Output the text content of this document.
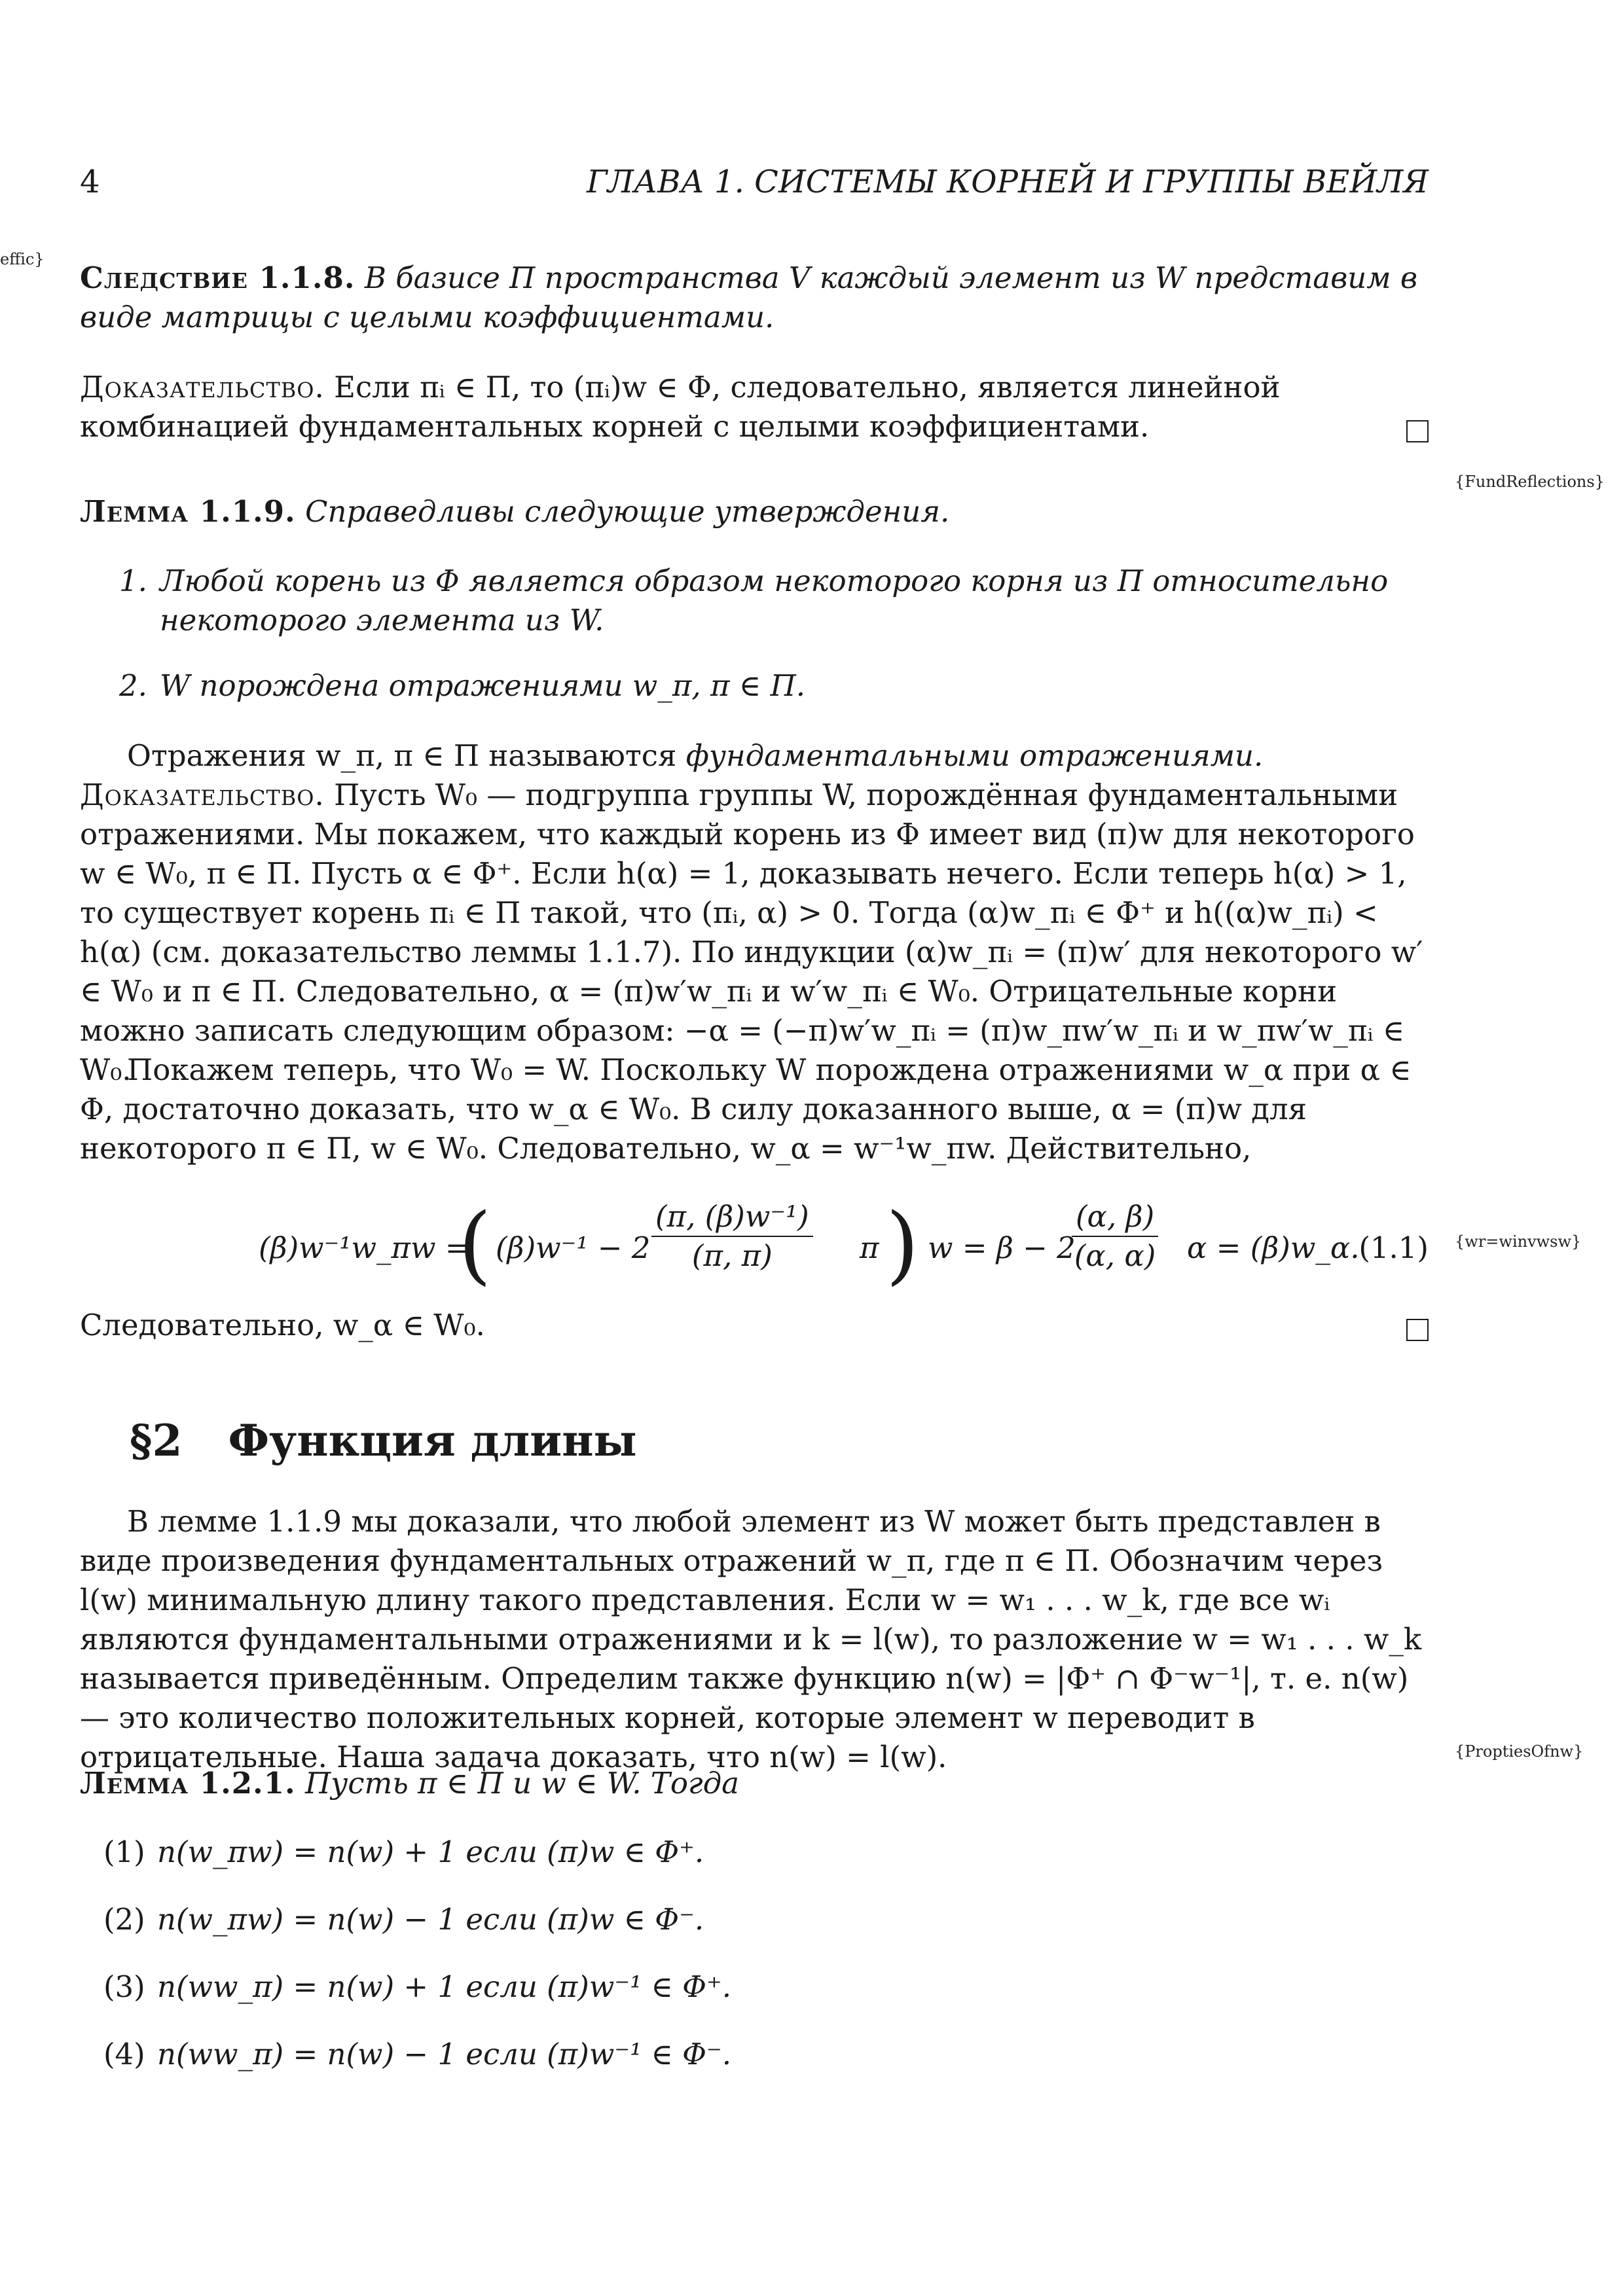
4	ГЛАВА 1. СИСТЕМЫ КОРНЕЙ И ГРУППЫ ВЕЙЛЯ
effic}
Следствие 1.1.8. В базисе Π пространства V каждый элемент из W представим в виде матрицы с целыми коэффициентами.
Доказательство. Если πᵢ ∈ Π, то (πᵢ)w ∈ Φ, следовательно, является линейной комбинацией фундаментальных корней с целыми коэффициентами.
{FundReflections}
Лемма 1.1.9. Справедливы следующие утверждения.
1. Любой корень из Φ является образом некоторого корня из Π относительно некоторого элемента из W.
2. W порождена отражениями w_π, π ∈ Π.
Отражения w_π, π ∈ Π называются фундаментальными отражениями.
Доказательство. Пусть W₀ — подгруппа группы W, порождённая фундаментальными отражениями. Мы покажем, что каждый корень из Φ имеет вид (π)w для некоторого w ∈ W₀, π ∈ Π. Пусть α ∈ Φ⁺. Если h(α) = 1, доказывать нечего. Если теперь h(α) > 1, то существует корень πᵢ ∈ Π такой, что (πᵢ, α) > 0. Тогда (α)w_πᵢ ∈ Φ⁺ и h((α)w_πᵢ) < h(α) (см. доказательство леммы 1.1.7). По индукции (α)w_πᵢ = (π)w′ для некоторого w′ ∈ W₀ и π ∈ Π. Следовательно, α = (π)w′w_πᵢ и w′w_πᵢ ∈ W₀. Отрицательные корни можно записать следующим образом: −α = (−π)w′w_πᵢ = (π)w_πw′w_πᵢ и w_πw′w_πᵢ ∈ W₀.
Покажем теперь, что W₀ = W. Поскольку W порождена отражениями w_α при α ∈ Φ, достаточно доказать, что w_α ∈ W₀. В силу доказанного выше, α = (π)w для некоторого π ∈ Π, w ∈ W₀. Следовательно, w_α = w⁻¹w_πw. Действительно,
(β)w⁻¹w_πw =
( $(\beta)w^{-1} - 2 \frac{\text{(π, (β)w⁻¹)}}{(\pi, \pi)}$ π ) w = β − 2
$\frac{(\alpha, \beta)}{(\alpha, \alpha)}$ α = (β)w_α.
(1.1) {wr=winvwsw}
Следовательно, w_α ∈ W₀.
§2 Функция длины
В лемме 1.1.9 мы доказали, что любой элемент из W может быть представлен в виде произведения фундаментальных отражений w_π, где π ∈ Π. Обозначим через l(w) минимальную длину такого представления. Если w = w₁ . . . w_k, где все wᵢ являются фундаментальными отражениями и k = l(w), то разложение w = w₁ . . . w_k называется приведённым. Определим также функцию n(w) = |Φ⁺ ∩ Φ⁻w⁻¹|, т. е. n(w) — это количество положительных корней, которые элемент w переводит в отрицательные. Наша задача доказать, что n(w) = l(w).	{ProptiesOfnw}
Лемма 1.2.1. Пусть π ∈ Π и w ∈ W. Тогда
(1) n(w_πw) = n(w) + 1 если (π)w ∈ Φ⁺.
(2) n(w_πw) = n(w) − 1 если (π)w ∈ Φ⁻.
(3) n(ww_π) = n(w) + 1 если (π)w⁻¹ ∈ Φ⁺.
(4) n(ww_π) = n(w) − 1 если (π)w⁻¹ ∈ Φ⁻.
